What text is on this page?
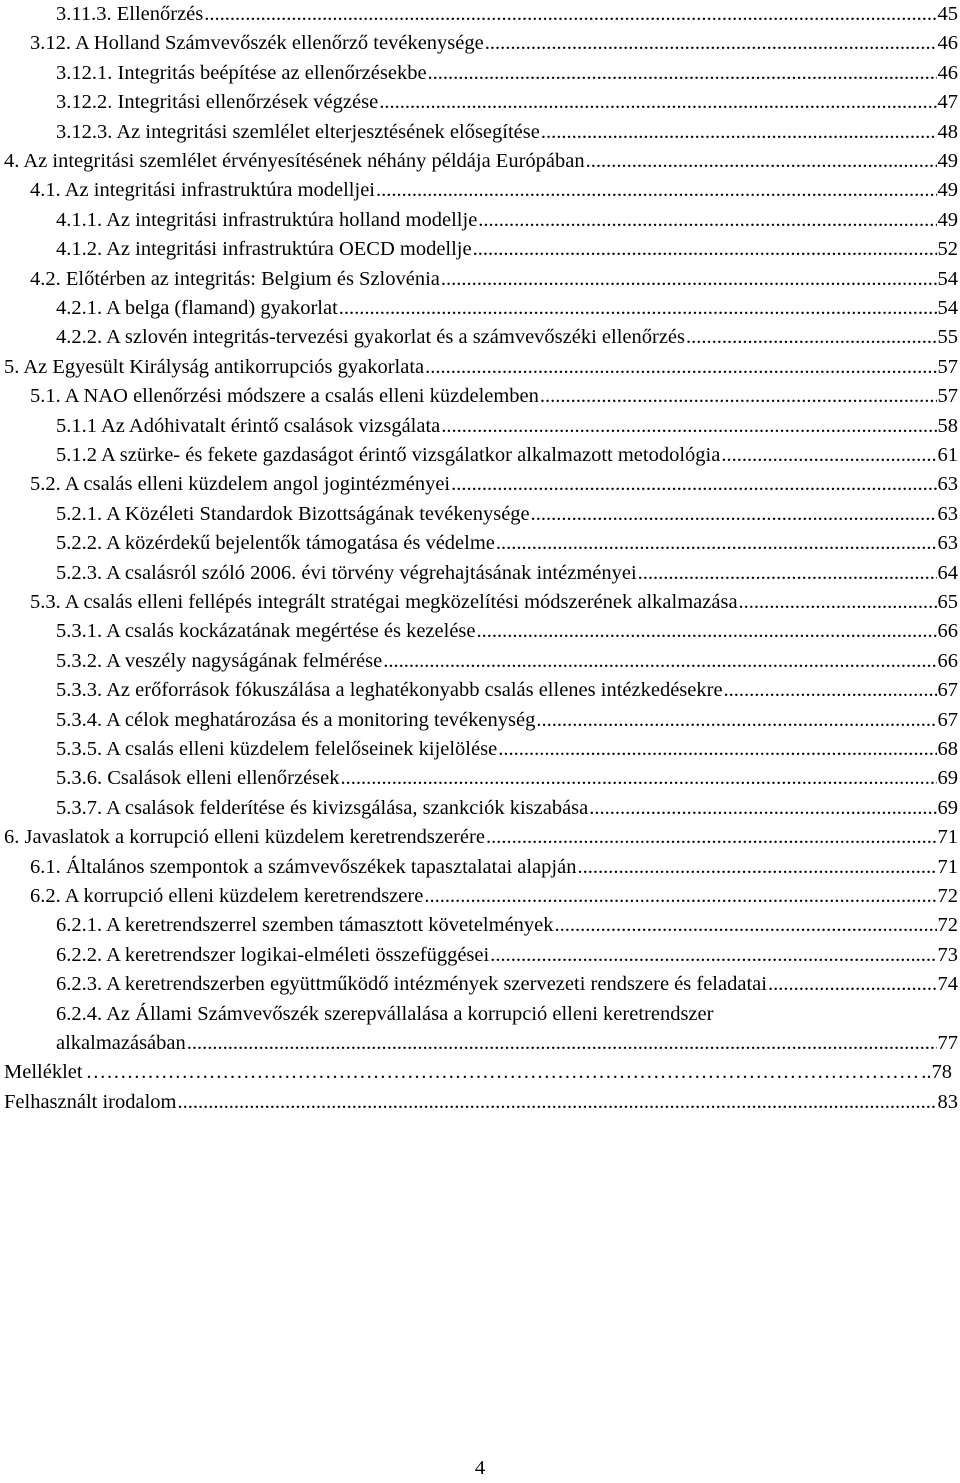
3.11.3. Ellenőrzés .....	45
3.12. A Holland Számvevőszék ellenőrző tevékenysége .....	46
3.12.1. Integritás beépítése az ellenőrzésekbe .....	46
3.12.2. Integritási ellenőrzések végzése .....	47
3.12.3. Az integritási szemlélet elterjesztésének elősegítése .....	48
4. Az integritási szemlélet érvényesítésének néhány példája Európában .....	49
4.1. Az integritási infrastruktúra modelljei .....	49
4.1.1. Az integritási infrastruktúra holland modellje .....	49
4.1.2. Az integritási infrastruktúra OECD modellje .....	52
4.2. Előtérben az integritás: Belgium és Szlovénia .....	54
4.2.1. A belga (flamand) gyakorlat .....	54
4.2.2. A szlovén integritás-tervezési gyakorlat és a számvevőszéki ellenőrzés .....	55
5. Az Egyesült Királyság antikorrupciós gyakorlata .....	57
5.1. A NAO ellenőrzési módszere a csalás elleni küzdelemben .....	57
5.1.1 Az Adóhivatalt érintő csalások vizsgálata .....	58
5.1.2 A szürke- és fekete gazdaságot érintő vizsgálatkor alkalmazott metodológia .....	61
5.2. A csalás elleni küzdelem angol jogintézményei .....	63
5.2.1. A Közéleti Standardok Bizottságának tevékenysége .....	63
5.2.2. A közérdekű bejelentők támogatása és védelme .....	63
5.2.3. A csalásról szóló 2006. évi törvény végrehajtásának intézményei .....	64
5.3. A csalás elleni fellépés integrált stratégai megközelítési módszerének alkalmazása .....	65
5.3.1. A csalás kockázatának megértése és kezelése .....	66
5.3.2. A veszély nagyságának felmérése .....	66
5.3.3. Az erőforrások fókuszálása a leghatékonyabb csalás ellenes intézkedésekre .....	67
5.3.4. A célok meghatározása és a monitoring tevékenység .....	67
5.3.5. A csalás elleni küzdelem felelőseinek kijelölése .....	68
5.3.6. Csalások elleni ellenőrzések .....	69
5.3.7. A csalások felderítése és kivizsgálása, szankciók kiszabása .....	69
6. Javaslatok a korrupció elleni küzdelem keretrendszerére .....	71
6.1. Általános szempontok a számvevőszékek tapasztalatai alapján .....	71
6.2. A korrupció elleni küzdelem keretrendszere .....	72
6.2.1. A keretrendszerrel szemben támasztott követelmények .....	72
6.2.2. A keretrendszer logikai-elméleti összefüggései .....	73
6.2.3. A keretrendszerben együttműködő intézmények szervezeti rendszere és feladatai .....	74
6.2.4. Az Állami Számvevőszék szerepvállalása a korrupció elleni keretrendszer
alkalmazásában .....	77
Melléklet …………………………………………………………………………………………………………………………………………………………	..78
Felhasznált irodalom .....	83
4
